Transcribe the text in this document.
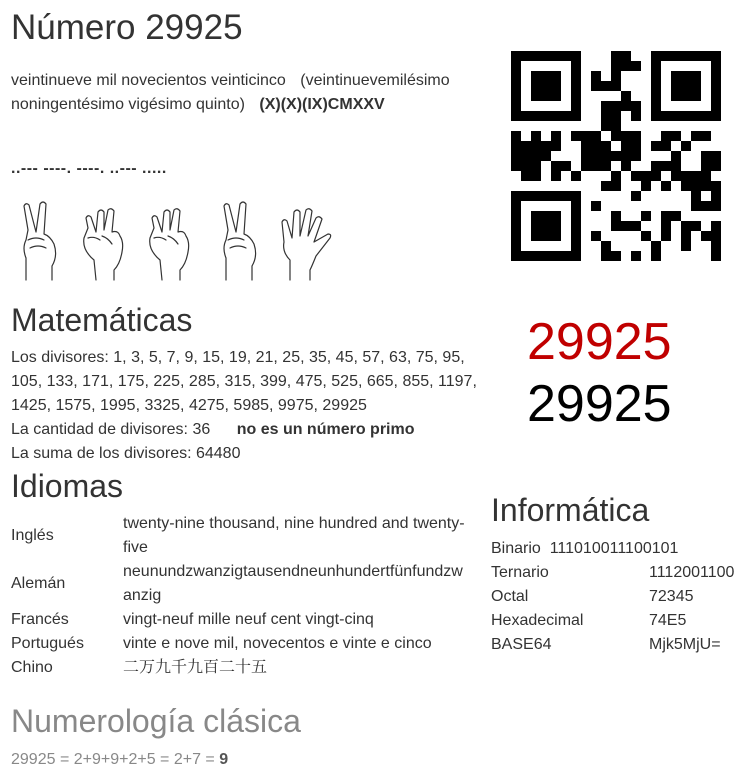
Número 29925
veintinueve mil novecientos veinticinco (veintinuevemilésimo noningentésimo vigésimo quinto) (X)(X)(IX)CMXXV
..--- ----. ----. ..--- .....
Matemáticas
Los divisores: 1, 3, 5, 7, 9, 15, 19, 21, 25, 35, 45, 57, 63, 75, 95, 105, 133, 171, 175, 225, 285, 315, 399, 475, 525, 665, 855, 1197, 1425, 1575, 1995, 3325, 4275, 5985, 9975, 29925
La cantidad de divisores: 36 no es un número primo
La suma de los divisores: 64480
29925
29925
Idiomas
Inglés	twenty-nine thousand, nine hundred and twenty-five
Alemán	neunundzwanzigtausendneunhundertfünfundzwanzig
Francés	vingt-neuf mille neuf cent vingt-cinq
Portugués	vinte e nove mil, novecentos e vinte e cinco
Chino	二万九千九百二十五
Informática
Binario 111010011100101
Ternario	1112001100
Octal	72345
Hexadecimal	74E5
BASE64	Mjk5MjU=
Numerología clásica
29925 = 2+9+9+2+5 = 2+7 = 9
